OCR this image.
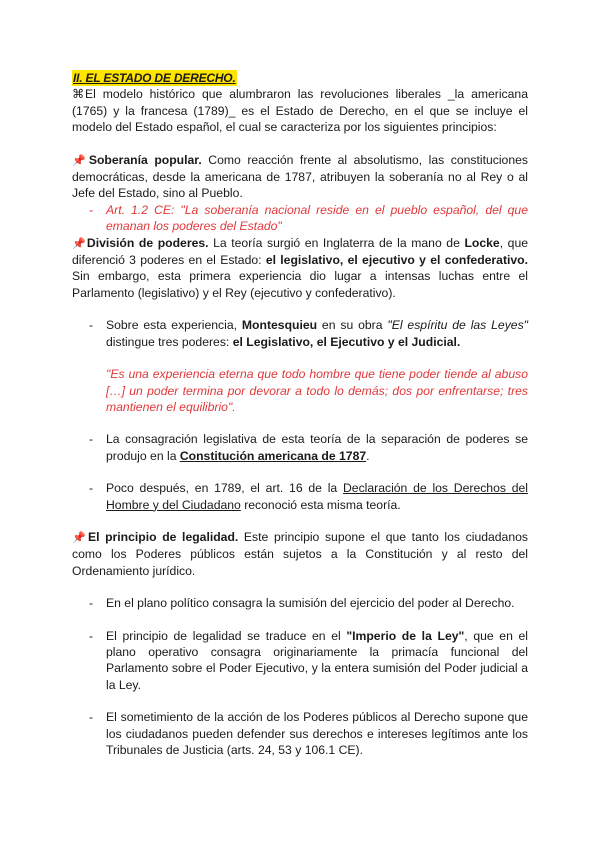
II. EL ESTADO DE DERECHO.

⌘El modelo histórico que alumbraron las revoluciones liberales _la americana (1765) y la francesa (1789)_ es el Estado de Derecho, en el que se incluye el modelo del Estado español, el cual se caracteriza por los siguientes principios:

📌Soberanía popular. Como reacción frente al absolutismo, las constituciones democráticas, desde la americana de 1787, atribuyen la soberanía no al Rey o al Jefe del Estado, sino al Pueblo.

- Art. 1.2 CE: "La soberanía nacional reside en el pueblo español, del que emanan los poderes del Estado"

📌División de poderes. La teoría surgió en Inglaterra de la mano de Locke, que diferenció 3 poderes en el Estado: el legislativo, el ejecutivo y el confederativo. Sin embargo, esta primera experiencia dio lugar a intensas luchas entre el Parlamento (legislativo) y el Rey (ejecutivo y confederativo).

- Sobre esta experiencia, Montesquieu en su obra "El espíritu de las Leyes" distingue tres poderes: el Legislativo, el Ejecutivo y el Judicial.

"Es una experiencia eterna que todo hombre que tiene poder tiende al abuso […] un poder termina por devorar a todo lo demás; dos por enfrentarse; tres mantienen el equilibrio".

- La consagración legislativa de esta teoría de la separación de poderes se produjo en la Constitución americana de 1787.
- Poco después, en 1789, el art. 16 de la Declaración de los Derechos del Hombre y del Ciudadano reconoció esta misma teoría.

📌El principio de legalidad. Este principio supone el que tanto los ciudadanos como los Poderes públicos están sujetos a la Constitución y al resto del Ordenamiento jurídico.

- En el plano político consagra la sumisión del ejercicio del poder al Derecho.
- El principio de legalidad se traduce en el "Imperio de la Ley", que en el plano operativo consagra originariamente la primacía funcional del Parlamento sobre el Poder Ejecutivo, y la entera sumisión del Poder judicial a la Ley.
- El sometimiento de la acción de los Poderes públicos al Derecho supone que los ciudadanos pueden defender sus derechos e intereses legítimos ante los Tribunales de Justicia (arts. 24, 53 y 106.1 CE).
